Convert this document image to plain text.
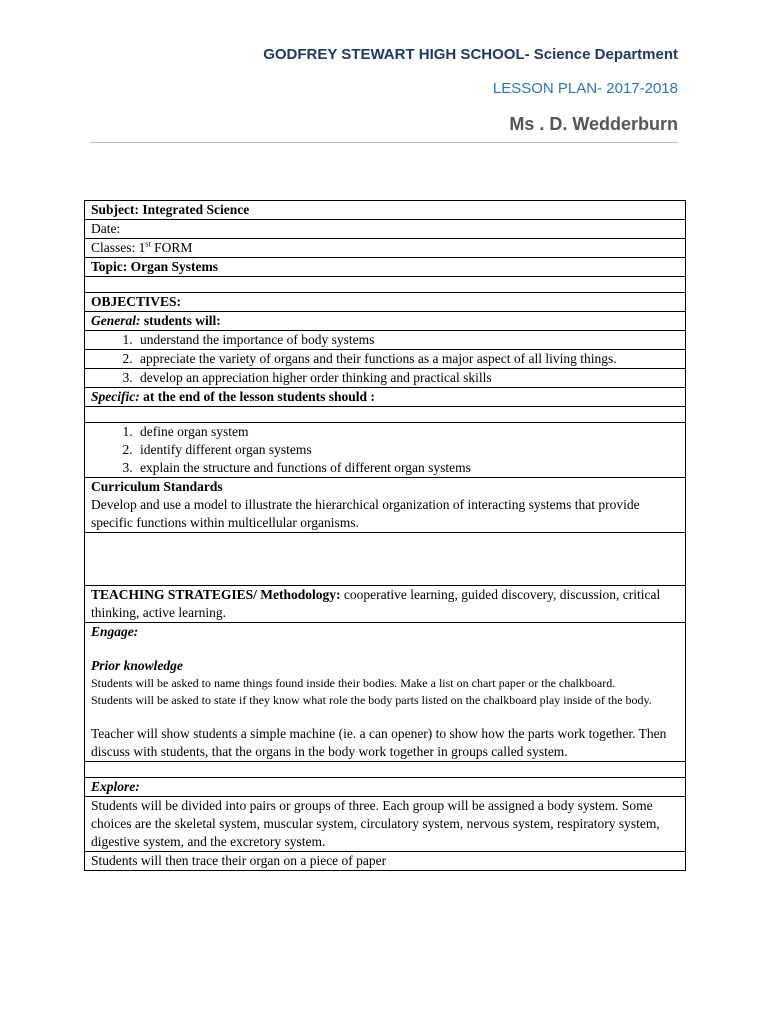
GODFREY STEWART HIGH SCHOOL- Science Department
LESSON PLAN- 2017-2018
Ms . D. Wedderburn
Subject: Integrated Science
Date:
Classes: 1st FORM
Topic: Organ Systems

OBJECTIVES:
General: students will:

1. understand the importance of body systems

2. appreciate the variety of organs and their functions as a major aspect of all living things.

3. develop an appreciation higher order thinking and practical skills

Specific: at the end of the lesson students should :

1. define organ system
2. identify different organ systems
3. explain the structure and functions of different organ systems

Curriculum Standards
Develop and use a model to illustrate the hierarchical organization of interacting systems that provide specific functions within multicellular organisms.

TEACHING STRATEGIES/ Methodology: cooperative learning, guided discovery, discussion, critical thinking, active learning.

Engage:

Prior knowledge
Students will be asked to name things found inside their bodies. Make a list on chart paper or the chalkboard.
Students will be asked to state if they know what role the body parts listed on the chalkboard play inside of the body.

Teacher will show students a simple machine (ie. a can opener) to show how the parts work together. Then discuss with students, that the organs in the body work together in groups called system.

Explore:
Students will be divided into pairs or groups of three. Each group will be assigned a body system. Some choices are the skeletal system, muscular system, circulatory system, nervous system, respiratory system, digestive system, and the excretory system.
Students will then trace their organ on a piece of paper
